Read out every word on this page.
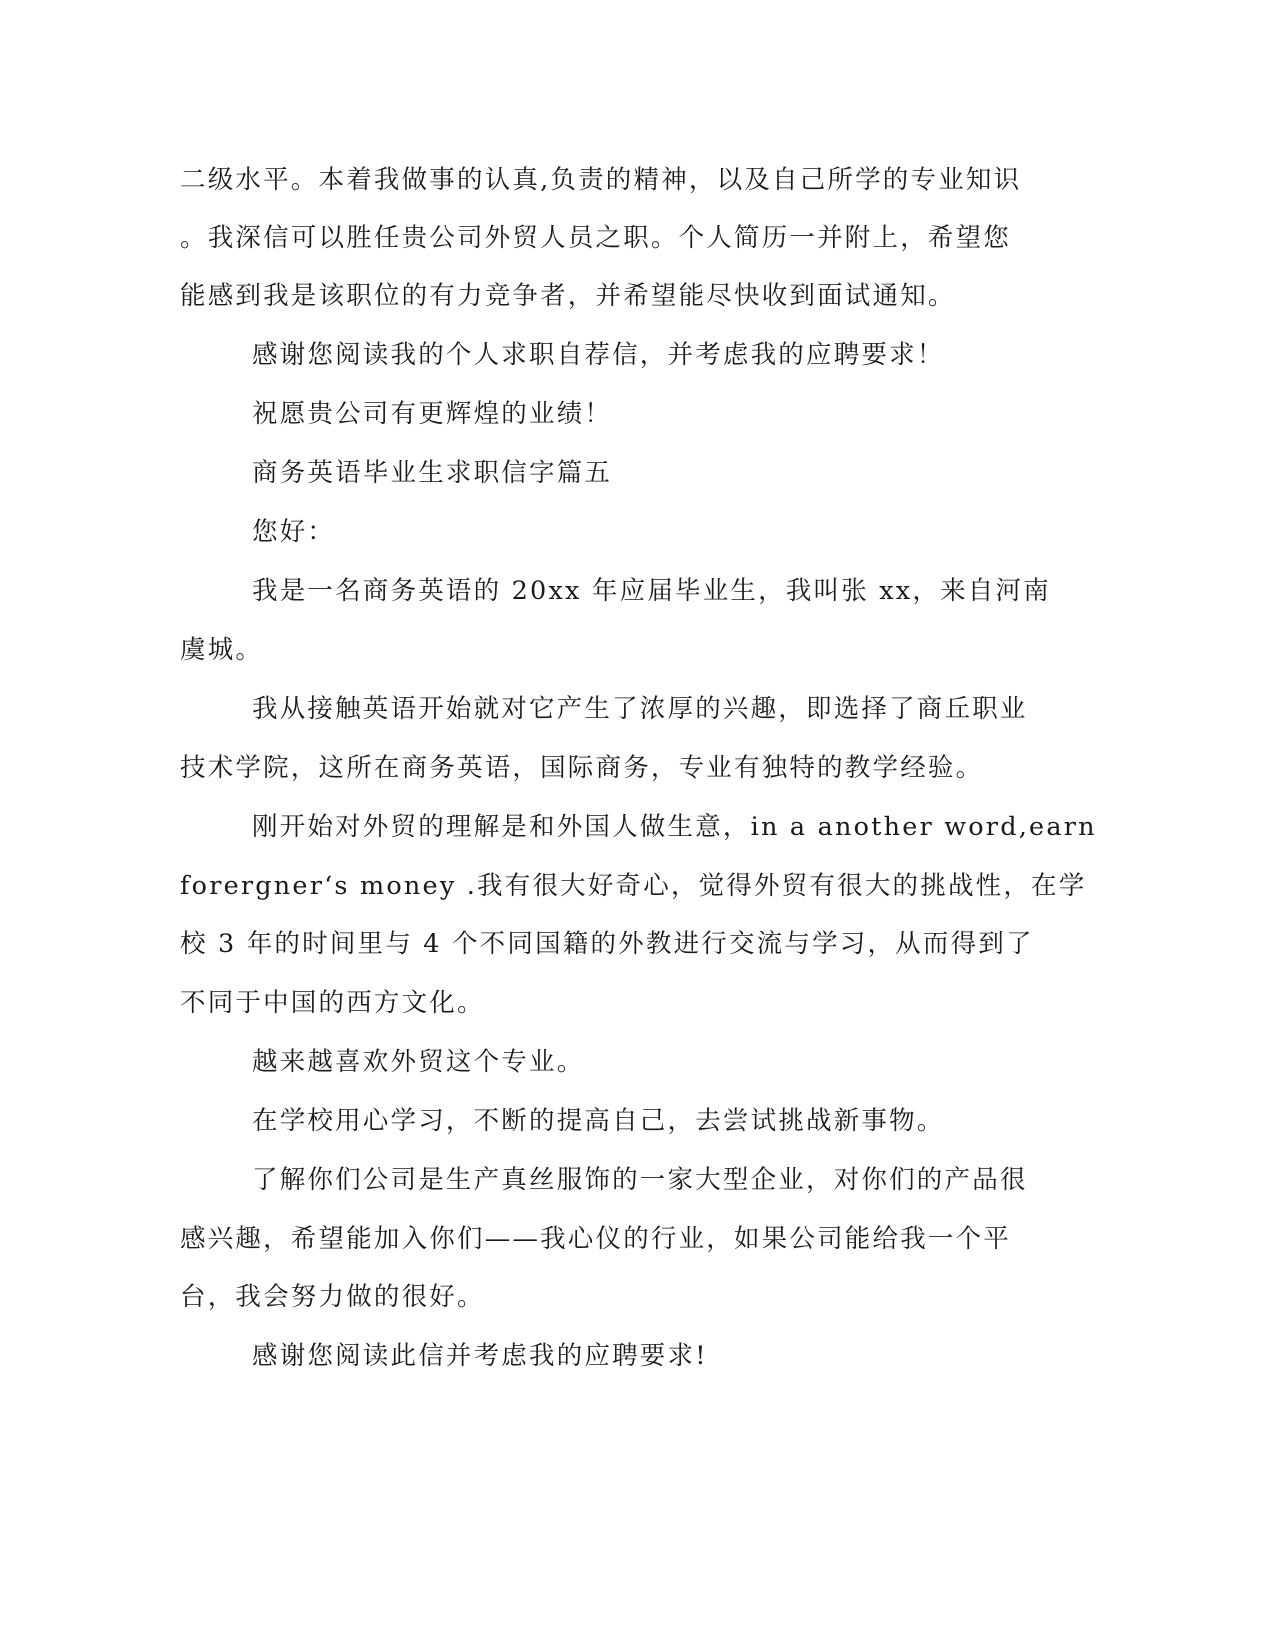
二级水平。本着我做事的认真,负责的精神，以及自己所学的专业知识
。我深信可以胜任贵公司外贸人员之职。个人简历一并附上，希望您
能感到我是该职位的有力竞争者，并希望能尽快收到面试通知。
感谢您阅读我的个人求职自荐信，并考虑我的应聘要求！
祝愿贵公司有更辉煌的业绩！
商务英语毕业生求职信字篇五
您好：
我是一名商务英语的 20xx 年应届毕业生，我叫张 xx，来自河南
虞城。
我从接触英语开始就对它产生了浓厚的兴趣，即选择了商丘职业
技术学院，这所在商务英语，国际商务，专业有独特的教学经验。
刚开始对外贸的理解是和外国人做生意，in a another word,earn
forergner‘s money .我有很大好奇心，觉得外贸有很大的挑战性，在学
校 3 年的时间里与 4 个不同国籍的外教进行交流与学习，从而得到了
不同于中国的西方文化。
越来越喜欢外贸这个专业。
在学校用心学习，不断的提高自己，去尝试挑战新事物。
了解你们公司是生产真丝服饰的一家大型企业，对你们的产品很
感兴趣，希望能加入你们——我心仪的行业，如果公司能给我一个平
台，我会努力做的很好。
感谢您阅读此信并考虑我的应聘要求!
